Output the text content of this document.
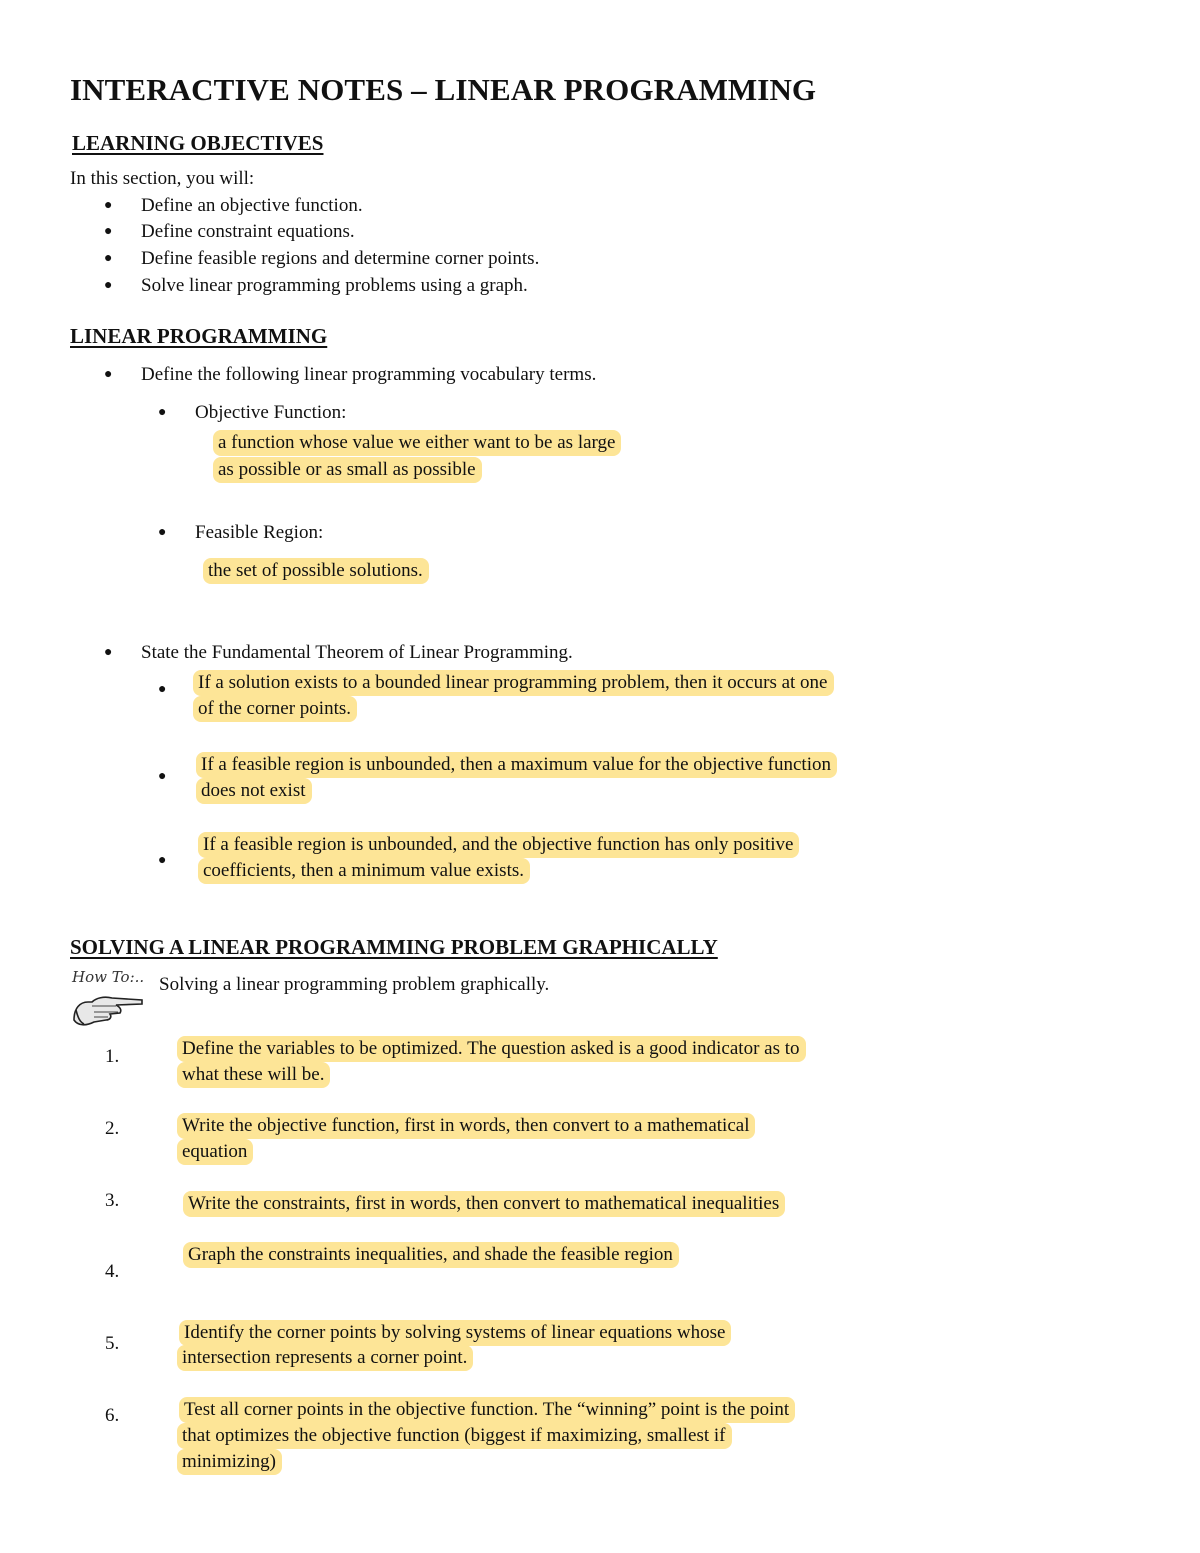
INTERACTIVE NOTES – LINEAR PROGRAMMING
LEARNING OBJECTIVES
In this section, you will:
● Define an objective function.
● Define constraint equations.
● Define feasible regions and determine corner points.
● Solve linear programming problems using a graph.
LINEAR PROGRAMMING
● Define the following linear programming vocabulary terms.
● Objective Function:
a function whose value we either want to be as large
as possible or as small as possible
● Feasible Region:
the set of possible solutions.
● State the Fundamental Theorem of Linear Programming.
● If a solution exists to a bounded linear programming problem, then it occurs at one
of the corner points.
●
If a feasible region is unbounded, then a maximum value for the objective function
does not exist
●
If a feasible region is unbounded, and the objective function has only positive
coefficients, then a minimum value exists.
SOLVING A LINEAR PROGRAMMING PROBLEM GRAPHICALLY
How To:.. Solving a linear programming problem graphically.
1.	Define the variables to be optimized. The question asked is a good indicator as to
what these will be.
2.	Write the objective function, first in words, then convert to a mathematical
equation
3.	Write the constraints, first in words, then convert to mathematical inequalities
4.
Graph the constraints inequalities, and shade the feasible region
5.
Identify the corner points by solving systems of linear equations whose
intersection represents a corner point.
6.	Test all corner points in the objective function. The “winning” point is the point
that optimizes the objective function (biggest if maximizing, smallest if
minimizing)
